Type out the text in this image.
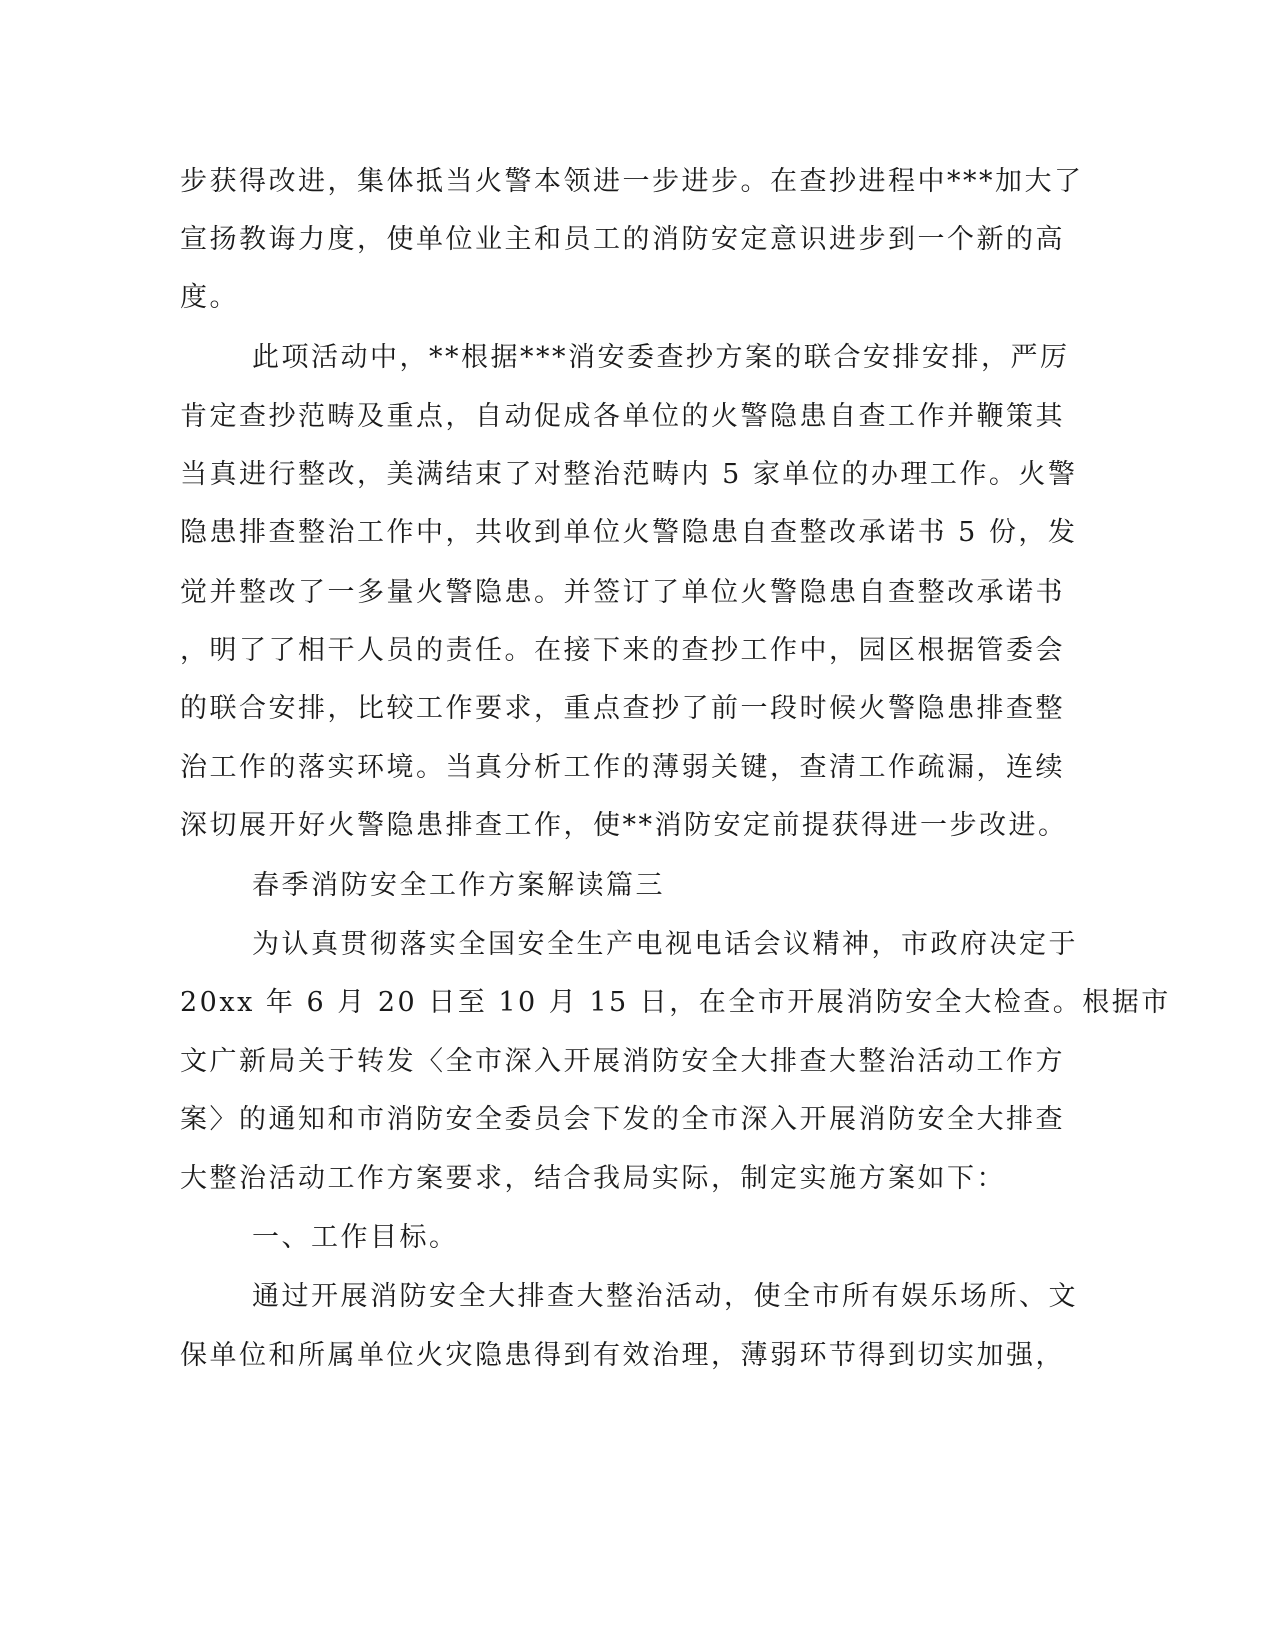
步获得改进，集体抵当火警本领进一步进步。在查抄进程中***加大了
宣扬教诲力度，使单位业主和员工的消防安定意识进步到一个新的高
度。
此项活动中，**根据***消安委查抄方案的联合安排安排，严厉
肯定查抄范畴及重点，自动促成各单位的火警隐患自查工作并鞭策其
当真进行整改，美满结束了对整治范畴内 5 家单位的办理工作。火警
隐患排查整治工作中，共收到单位火警隐患自查整改承诺书 5 份，发
觉并整改了一多量火警隐患。并签订了单位火警隐患自查整改承诺书
，明了了相干人员的责任。在接下来的查抄工作中，园区根据管委会
的联合安排，比较工作要求，重点查抄了前一段时候火警隐患排查整
治工作的落实环境。当真分析工作的薄弱关键，查清工作疏漏，连续
深切展开好火警隐患排查工作，使**消防安定前提获得进一步改进。
春季消防安全工作方案解读篇三
为认真贯彻落实全国安全生产电视电话会议精神，市政府决定于
20xx 年 6 月 20 日至 10 月 15 日，在全市开展消防安全大检查。根据市
文广新局关于转发〈全市深入开展消防安全大排查大整治活动工作方
案〉的通知和市消防安全委员会下发的全市深入开展消防安全大排查
大整治活动工作方案要求，结合我局实际，制定实施方案如下：
一、工作目标。
通过开展消防安全大排查大整治活动，使全市所有娱乐场所、文
保单位和所属单位火灾隐患得到有效治理，薄弱环节得到切实加强，
